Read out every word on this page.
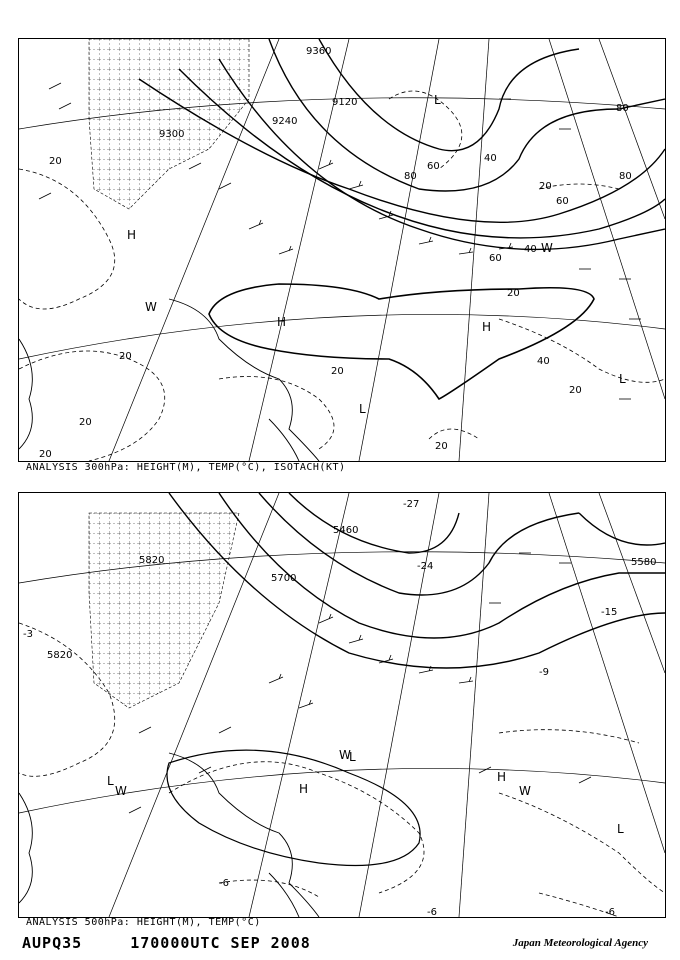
9300
9240
9120
9360
20
20
20
20
20
20
20
20
20
40
40
40
60
60
60
80
80
80
H
H	H
L
L
L
W
W
ANALYSIS 300hPa: HEIGHT(M), TEMP(°C), ISOTACH(KT)
5820
5700
5820
5580
5460
-3
-6
-9
-15
-24
-27
-6	-6
H
H
L
L
L
W
W
W
ANALYSIS 500hPa: HEIGHT(M), TEMP(°C)
AUPQ35	170000UTC SEP 2008	Japan Meteorological Agency
